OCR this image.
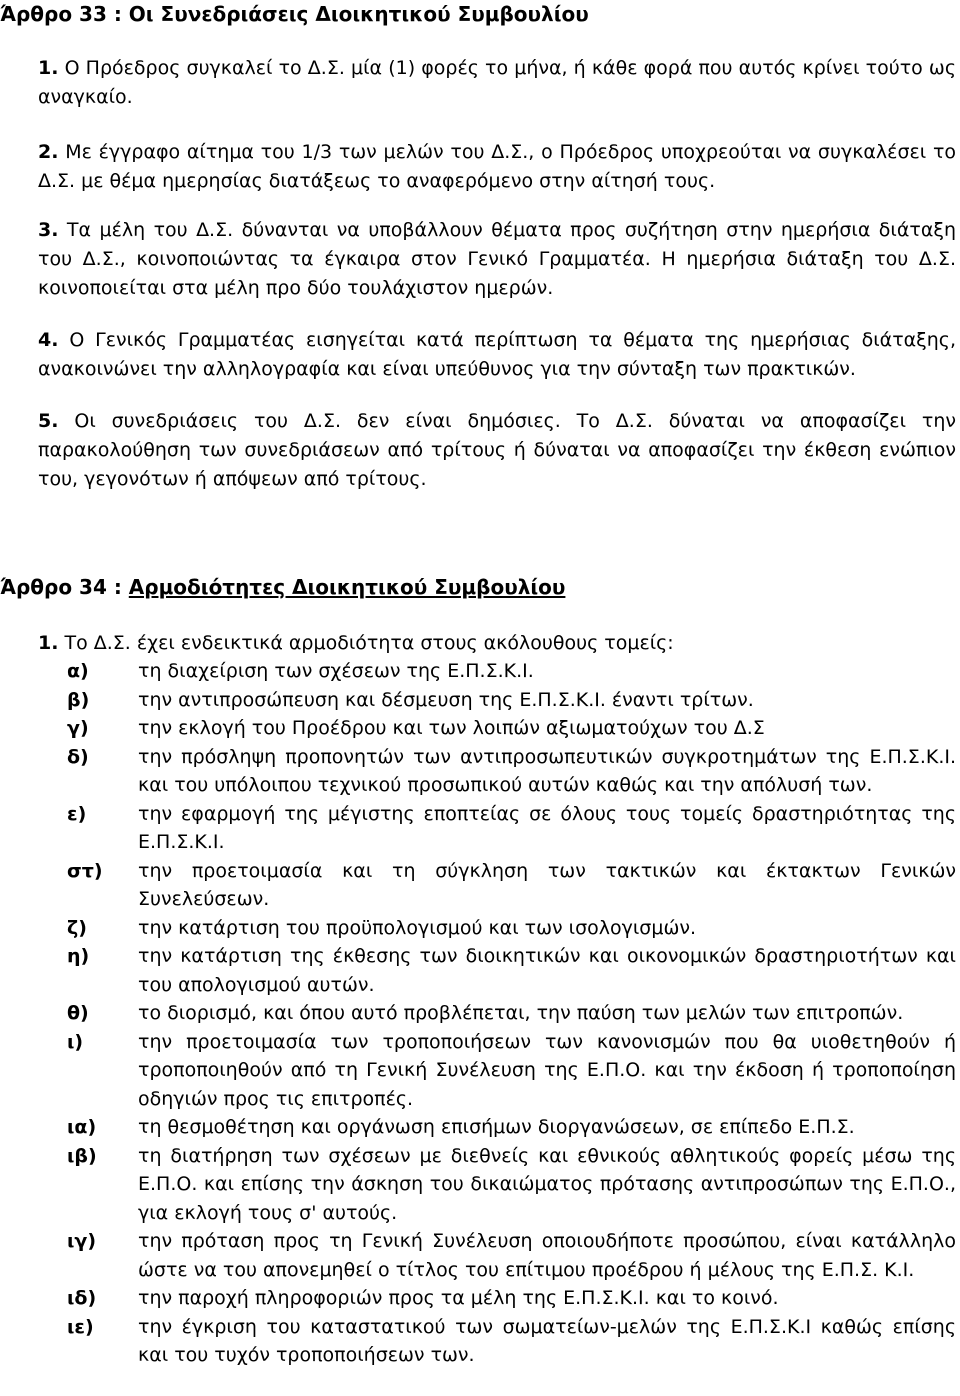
Άρθρο 33 : Οι Συνεδριάσεις Διοικητικού Συμβουλίου
1. Ο Πρόεδρος συγκαλεί το Δ.Σ. μία (1) φορές το μήνα, ή κάθε φορά που αυτός κρίνει τούτο ως αναγκαίο.
2. Με έγγραφο αίτημα του 1/3 των μελών του Δ.Σ., ο Πρόεδρος υποχρεούται να συγκαλέσει το Δ.Σ. με θέμα ημερησίας διατάξεως το αναφερόμενο στην αίτησή τους.
3. Τα μέλη του Δ.Σ. δύνανται να υποβάλλουν θέματα προς συζήτηση στην ημερήσια διάταξη του Δ.Σ., κοινοποιώντας τα έγκαιρα στον Γενικό Γραμματέα. Η ημερήσια διάταξη του Δ.Σ. κοινοποιείται στα μέλη προ δύο τουλάχιστον ημερών.
4. Ο Γενικός Γραμματέας εισηγείται κατά περίπτωση τα θέματα της ημερήσιας διάταξης, ανακοινώνει την αλληλογραφία και είναι υπεύθυνος για την σύνταξη των πρακτικών.
5. Οι συνεδριάσεις του Δ.Σ. δεν είναι δημόσιες. Το Δ.Σ. δύναται να αποφασίζει την παρακολούθηση των συνεδριάσεων από τρίτους ή δύναται να αποφασίζει την έκθεση ενώπιον του, γεγονότων ή απόψεων από τρίτους.
Άρθρο 34 : Αρμοδιότητες Διοικητικού Συμβουλίου
1. Το Δ.Σ. έχει ενδεικτικά αρμοδιότητα στους ακόλουθους τομείς:
α)	τη διαχείριση των σχέσεων της Ε.Π.Σ.Κ.Ι.
β)	την αντιπροσώπευση και δέσμευση της Ε.Π.Σ.Κ.Ι. έναντι τρίτων.
γ)	την εκλογή του Προέδρου και των λοιπών αξιωματούχων του Δ.Σ
δ)	την πρόσληψη προπονητών των αντιπροσωπευτικών συγκροτημάτων της Ε.Π.Σ.Κ.Ι. και του υπόλοιπου τεχνικού προσωπικού αυτών καθώς και την απόλυσή των.
ε)	την εφαρμογή της μέγιστης εποπτείας σε όλους τους τομείς δραστηριότητας της Ε.Π.Σ.Κ.Ι.
στ) την προετοιμασία και τη σύγκληση των τακτικών και έκτακτων Γενικών Συνελεύσεων.
ζ)	την κατάρτιση του προϋπολογισμού και των ισολογισμών.
η)	την κατάρτιση της έκθεσης των διοικητικών και οικονομικών δραστηριοτήτων και του απολογισμού αυτών.
θ)	το διορισμό, και όπου αυτό προβλέπεται, την παύση των μελών των επιτροπών.
ι)	την προετοιμασία των τροποποιήσεων των κανονισμών που θα υιοθετηθούν ή τροποποιηθούν από τη Γενική Συνέλευση της Ε.Π.Ο. και την έκδοση ή τροποποίηση οδηγιών προς τις επιτροπές.
ια) τη θεσμοθέτηση και οργάνωση επισήμων διοργανώσεων, σε επίπεδο Ε.Π.Σ.
ιβ) τη διατήρηση των σχέσεων με διεθνείς και εθνικούς αθλητικούς φορείς μέσω της Ε.Π.Ο. και επίσης την άσκηση του δικαιώματος πρότασης αντιπροσώπων της Ε.Π.Ο., για εκλογή τους σ' αυτούς.
ιγ) την πρόταση προς τη Γενική Συνέλευση οποιουδήποτε προσώπου, είναι κατάλληλο ώστε να του απονεμηθεί ο τίτλος του επίτιμου προέδρου ή μέλους της Ε.Π.Σ. Κ.Ι.
ιδ) την παροχή πληροφοριών προς τα μέλη της Ε.Π.Σ.Κ.Ι. και το κοινό.
ιε) την έγκριση του καταστατικού των σωματείων-μελών της Ε.Π.Σ.Κ.Ι καθώς επίσης και του τυχόν τροποποιήσεων των.
